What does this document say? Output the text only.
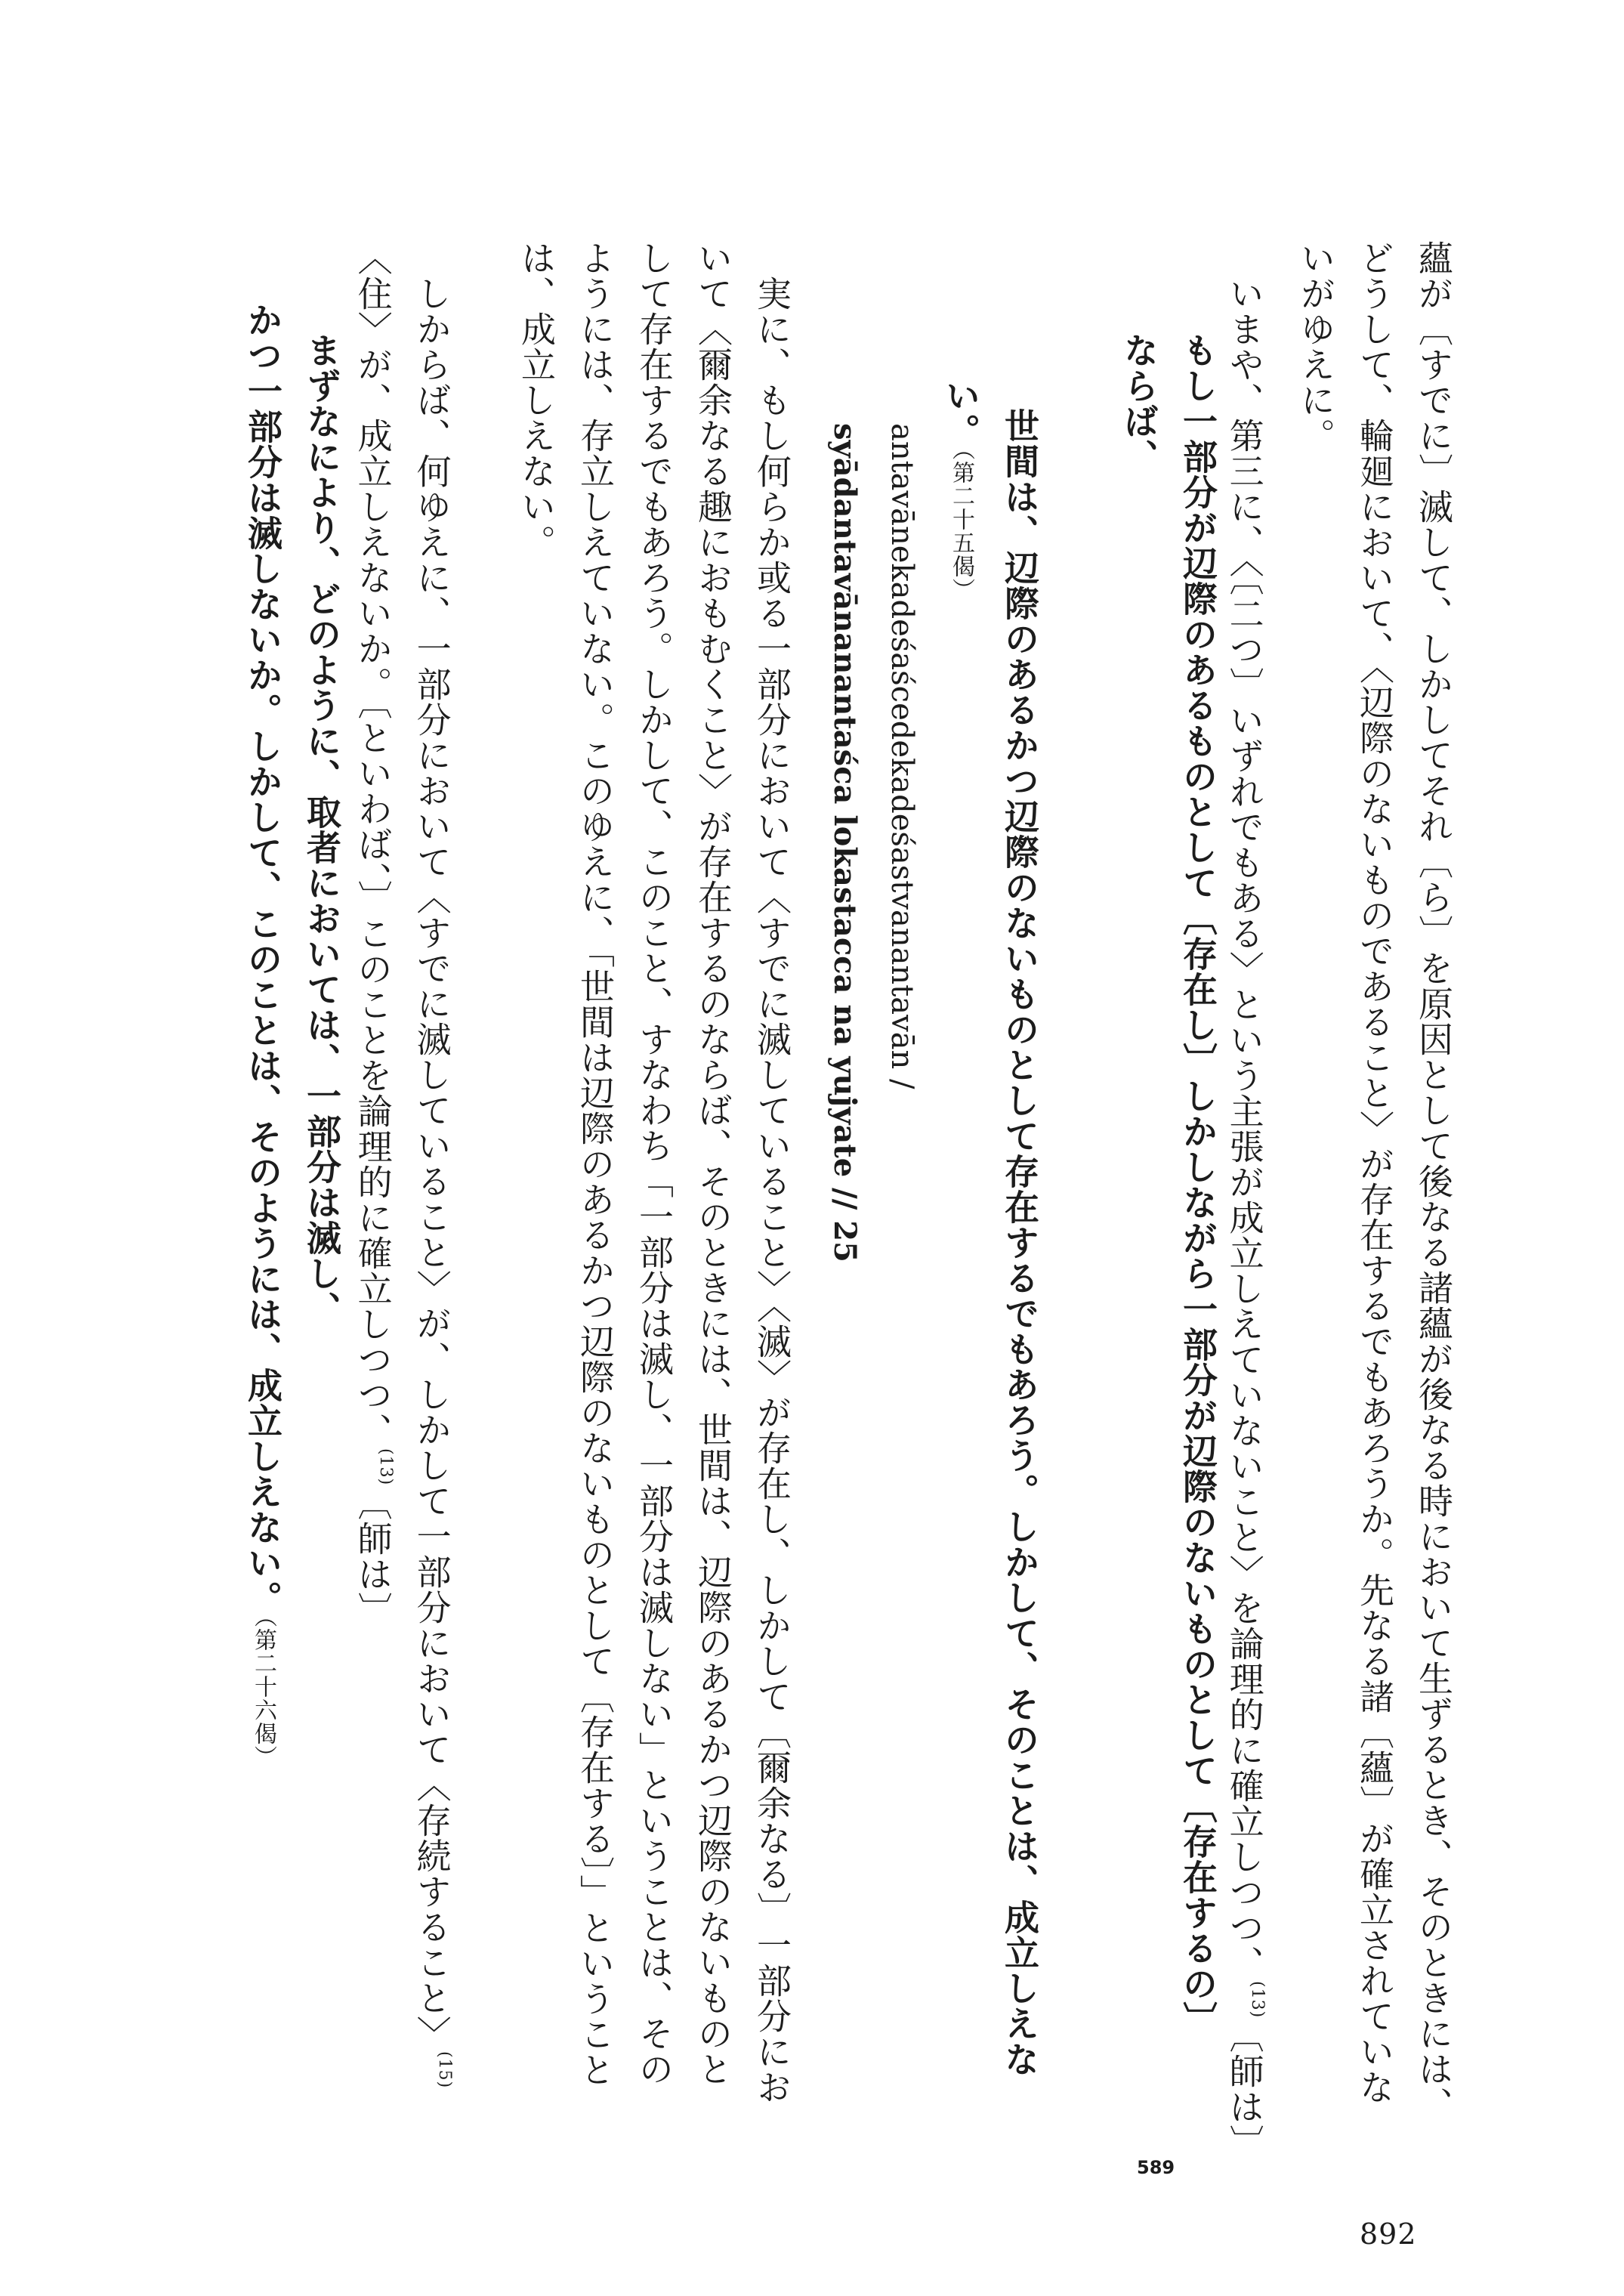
蘊が〔すでに〕滅して、しかしてそれ〔ら〕を原因として後なる諸蘊が後なる時において生ずるとき、そのときには、
どうして、輪廻において、〈辺際のないものであること〉が存在するでもあろうか。先なる諸〔蘊〕が確立されていな
いがゆえに。
いまや、第三に、〈〔二つ〕いずれでもある〉という主張が成立しえていないこと〉を論理的に確立しつつ、$^{(13)}$〔師は〕
もし一部分が辺際のあるものとして〔存在し〕しかしながら一部分が辺際のないものとして〔存在するの〕
ならば、
世間は、辺際のあるかつ辺際のないものとして存在するでもあろう。しかして、そのことは、成立しえな
い。（第二十五偈）
antavānekadeśaścedekadeśastvanantavān /
syādantavānanantaśca lokastacca na yujyate // 25
実に、もし何らか或る一部分において〈すでに滅していること〉〈滅〉が存在し、しかして〔爾余なる〕一部分にお
いて〈爾余なる趣におもむくこと〉が存在するのならば、そのときには、世間は、辺際のあるかつ辺際のないものと
して存在するでもあろう。しかして、このこと、すなわち「一部分は滅し、一部分は滅しない」ということは、その
ようには、存立しえていない。このゆえに、「世間は辺際のあるかつ辺際のないものとして〔存在する〕」ということ
は、成立しえない。
しからば、何ゆえに、一部分において〈すでに滅していること〉が、しかして一部分において〈存続すること〉$^{(15)}$
〈住〉が、成立しえないか。〔といわば、〕このことを論理的に確立しつつ、$^{(13)}$〔師は〕
まずなにより、どのように、取者においては、一部分は滅し、
かつ一部分は滅しないか。しかして、このことは、そのようには、成立しえない。（第二十六偈）
589
892
